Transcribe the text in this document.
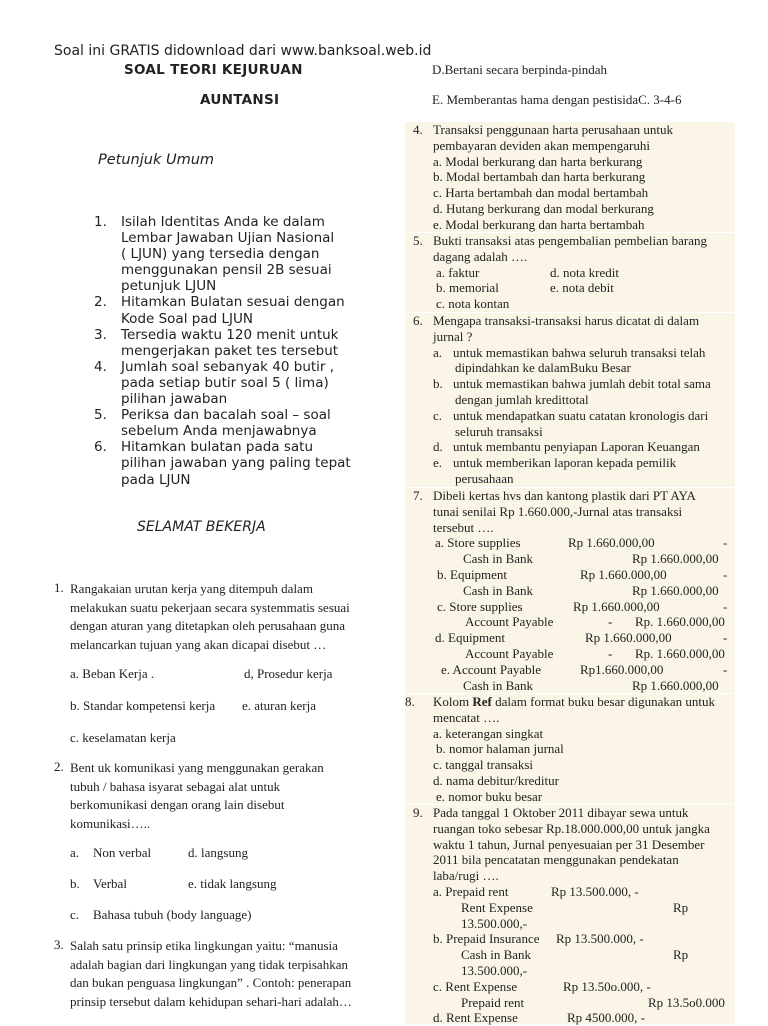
Soal ini GRATIS didownload dari www.banksoal.web.id
SOAL TEORI KEJURUAN
AUNTANSI
Petunjuk Umum
1. Isilah Identitas Anda ke dalam
Lembar Jawaban Ujian Nasional
( LJUN) yang tersedia dengan
menggunakan pensil 2B sesuai
petunjuk LJUN
2. Hitamkan Bulatan sesuai dengan
Kode Soal pad LJUN
3. Tersedia waktu 120 menit untuk
mengerjakan paket tes tersebut
4. Jumlah soal sebanyak 40 butir ,
pada setiap butir soal 5 ( lima)
pilihan jawaban
5. Periksa dan bacalah soal – soal
sebelum Anda menjawabnya
6. Hitamkan bulatan pada satu
pilihan jawaban yang paling tepat
pada LJUN
SELAMAT BEKERJA
1. Rangakaian urutan kerja yang ditempuh dalam
melakukan suatu pekerjaan secara systemmatis sesuai
dengan aturan yang ditetapkan oleh perusahaan guna
melancarkan tujuan yang akan dicapai disebut …
a. Beban Kerja .	d, Prosedur kerja
b. Standar kompetensi kerja e. aturan kerja
c. keselamatan kerja
2. Bent uk komunikasi yang menggunakan gerakan
tubuh / bahasa isyarat sebagai alat untuk
berkomunikasi dengan orang lain disebut
komunikasi…..
a. Non verbal	d. langsung
b. Verbal	e. tidak langsung
c. Bahasa tubuh (body language)
3. Salah satu prinsip etika lingkungan yaitu: “manusia
adalah bagian dari lingkungan yang tidak terpisahkan
dan bukan penguasa lingkungan” . Contoh: penerapan
prinsip tersebut dalam kehidupan sehari-hari adalah…
D.Bertani secara berpinda-pindah
E. Memberantas hama dengan pestisidaC. 3-4-6
4. Transaksi penggunaan harta perusahaan untuk
pembayaran deviden akan mempengaruhi
a. Modal berkurang dan harta berkurang
b. Modal bertambah dan harta berkurang
c. Harta bertambah dan modal bertambah
d. Hutang berkurang dan modal berkurang
e. Modal berkurang dan harta bertambah
5. Bukti transaksi atas pengembalian pembelian barang
dagang adalah ….
a. faktur	d. nota kredit
b. memorial	e. nota debit
c. nota kontan
6. Mengapa transaksi-transaksi harus dicatat di dalam
jurnal ?
a. untuk memastikan bahwa seluruh transaksi telah
dipindahkan ke dalamBuku Besar
b. untuk memastikan bahwa jumlah debit total sama
dengan jumlah kredittotal
c. untuk mendapatkan suatu catatan kronologis dari
seluruh transaksi
d. untuk membantu penyiapan Laporan Keuangan
e. untuk memberikan laporan kepada pemilik
perusahaan
7. Dibeli kertas hvs dan kantong plastik dari PT AYA
tunai senilai Rp 1.660.000,-Jurnal atas transaksi
tersebut ….
a. Store supplies	Rp 1.660.000,00	-
Cash in Bank	Rp 1.660.000,00
b. Equipment	Rp 1.660.000,00	-
Cash in Bank	Rp 1.660.000,00
c. Store supplies	Rp 1.660.000,00	-
Account Payable	- Rp. 1.660.000,00
d. Equipment	Rp 1.660.000,00	-
Account Payable	- Rp. 1.660.000,00
e. Account Payable	Rp1.660.000,00	-
Cash in Bank	Rp 1.660.000,00
8. Kolom Ref dalam format buku besar digunakan untuk
mencatat ….
a. keterangan singkat
b. nomor halaman jurnal
c. tanggal transaksi
d. nama debitur/kreditur
e. nomor buku besar
9. Pada tanggal 1 Oktober 2011 dibayar sewa untuk
ruangan toko sebesar Rp.18.000.000,00 untuk jangka
waktu 1 tahun, Jurnal penyesuaian per 31 Desember
2011 bila pencatatan menggunakan pendekatan
laba/rugi ….
a. Prepaid rent	Rp 13.500.000, -
Rent Expense	Rp
13.500.000,-
b. Prepaid Insurance Rp 13.500.000, -
Cash in Bank	Rp
13.500.000,-
c. Rent Expense	Rp 13.50o.000, -
Prepaid rent	Rp 13.5o0.000
d. Rent Expense	Rp 4500.000, -
